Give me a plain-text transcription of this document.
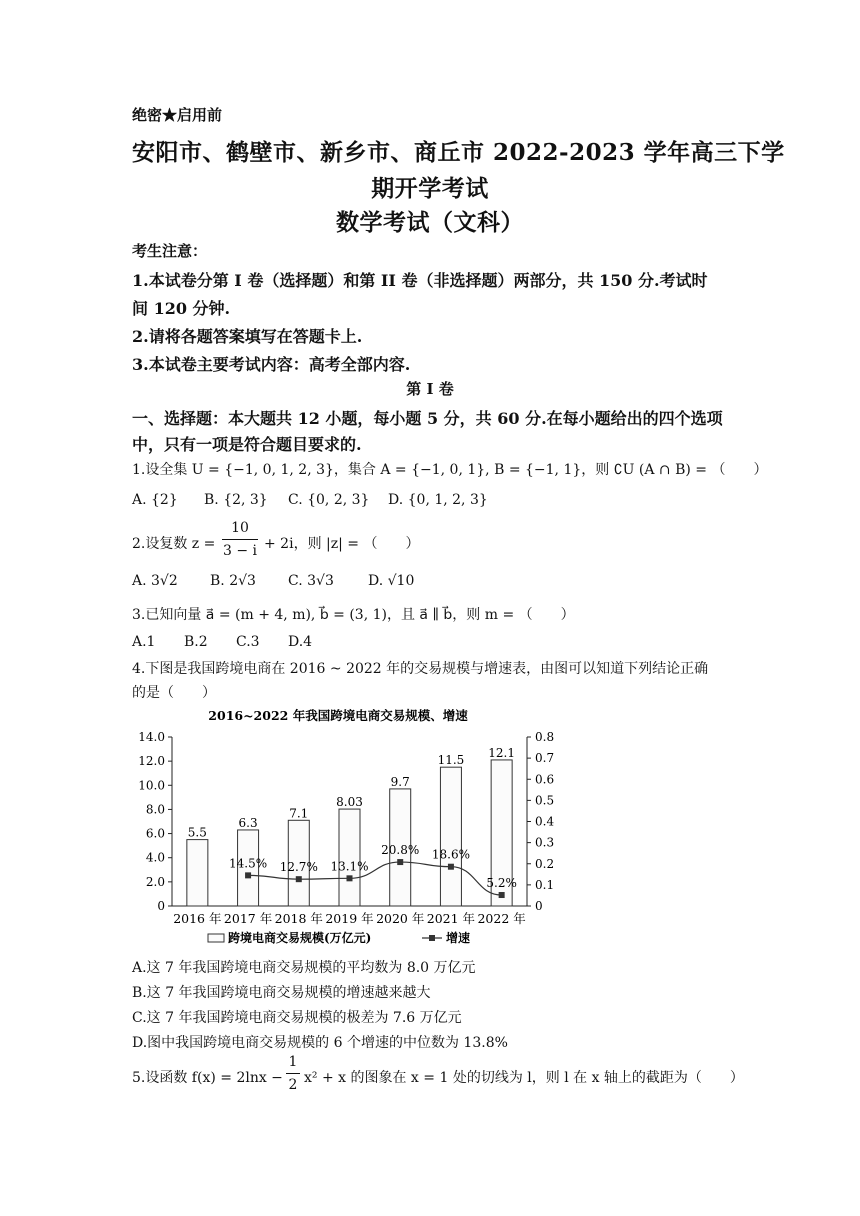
绝密★启用前
安阳市、鹤壁市、新乡市、商丘市 2022-2023 学年高三下学
期开学考试
数学考试（文科）
考生注意：
1.本试卷分第 I 卷（选择题）和第 II 卷（非选择题）两部分，共 150 分.考试时
间 120 分钟.
2.请将各题答案填写在答题卡上.
3.本试卷主要考试内容：高考全部内容.
第 I 卷
一、选择题：本大题共 12 小题，每小题 5 分，共 60 分.在每小题给出的四个选项
中，只有一项是符合题目要求的.
1.设全集 U = {−1, 0, 1, 2, 3}，集合 A = {−1, 0, 1}, B = {−1, 1}，则 ∁U (A ∩ B) = （　　）
A. {2} B. {2, 3} C. {0, 2, 3} D. {0, 1, 2, 3}
2.设复数 z =
10
3 − i + 2i，则 |z| = （　　）
A. 3√2 B. 2√3 C. 3√3 D. √10
3.已知向量 a⃗ = (m + 4, m), b⃗ = (3, 1)，且 a⃗ ∥ b⃗，则 m = （　　）
A.1 B.2 C.3 D.4
4.下图是我国跨境电商在 2016 ~ 2022 年的交易规模与增速表，由图可以知道下列结论正确
的是（　　）
2016~2022 年我国跨境电商交易规模、增速
0
2.0
4.0
6.0
8.0
10.0
12.0
14.0
0
0.1
0.2
0.3
0.4
0.5
0.6
0.7
0.8
5.5
6.3
7.1
8.03
9.7
11.5
12.1
2016 年 2017 年 2018 年 2019 年 2020 年 2021 年 2022 年
14.5% 12.7% 13.1%
20.8% 18.6%
5.2%
跨境电商交易规模(万亿元)	增速
A.这 7 年我国跨境电商交易规模的平均数为 8.0 万亿元
B.这 7 年我国跨境电商交易规模的增速越来越大
C.这 7 年我国跨境电商交易规模的极差为 7.6 万亿元
D.图中我国跨境电商交易规模的 6 个增速的中位数为 13.8%
5.设函数 f(x) = 2lnx −
1
2 x² + x 的图象在 x = 1 处的切线为 l，则 l 在 x 轴上的截距为（　　）
